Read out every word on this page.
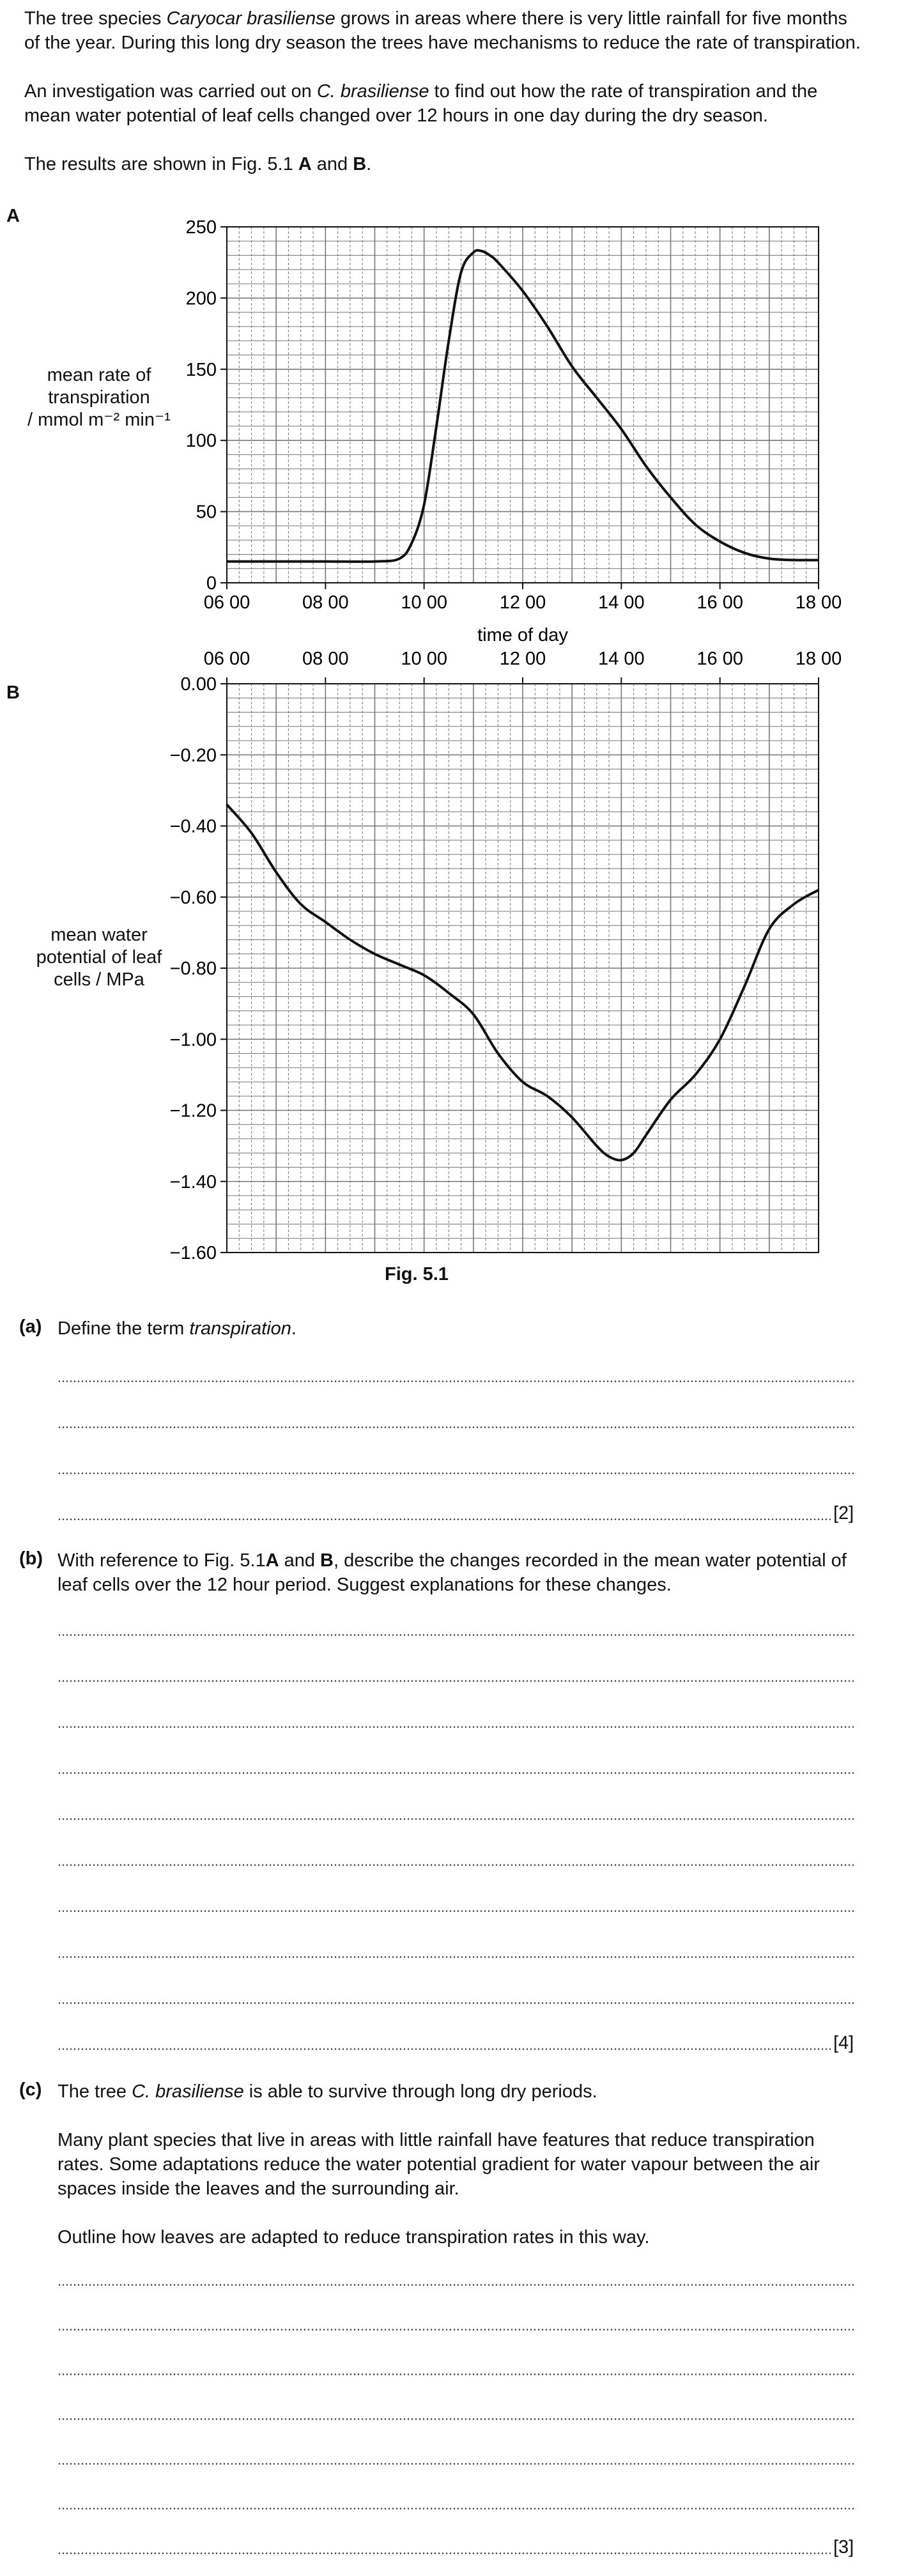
The tree species Caryocar brasiliense grows in areas where there is very little rainfall for five months of the year. During this long dry season the trees have mechanisms to reduce the rate of transpiration.

An investigation was carried out on C. brasiliense to find out how the rate of transpiration and the mean water potential of leaf cells changed over 12 hours in one day during the dry season.

The results are shown in Fig. 5.1 A and B.

A
mean rate of
transpiration
/ mmol m⁻² min⁻¹
06 00	08 00	10 00	12 00	14 00	16 00	18 00
0
50
100
150
200
250
time of day
B
mean water
potential of leaf
cells / MPa
06 00	08 00	10 00	12 00	14 00	16 00	18 00
0.00
−0.20
−0.40
−0.60
−0.80
−1.00
−1.20
−1.40
−1.60
Fig. 5.1
(a) Define the term transpiration.

[2]
(b) With reference to Fig. 5.1A and B, describe the changes recorded in the mean water potential of leaf cells over the 12 hour period. Suggest explanations for these changes.

[4]
(c) The tree C. brasiliense is able to survive through long dry periods.

Many plant species that live in areas with little rainfall have features that reduce transpiration rates. Some adaptations reduce the water potential gradient for water vapour between the air spaces inside the leaves and the surrounding air.

Outline how leaves are adapted to reduce transpiration rates in this way.

[3]
